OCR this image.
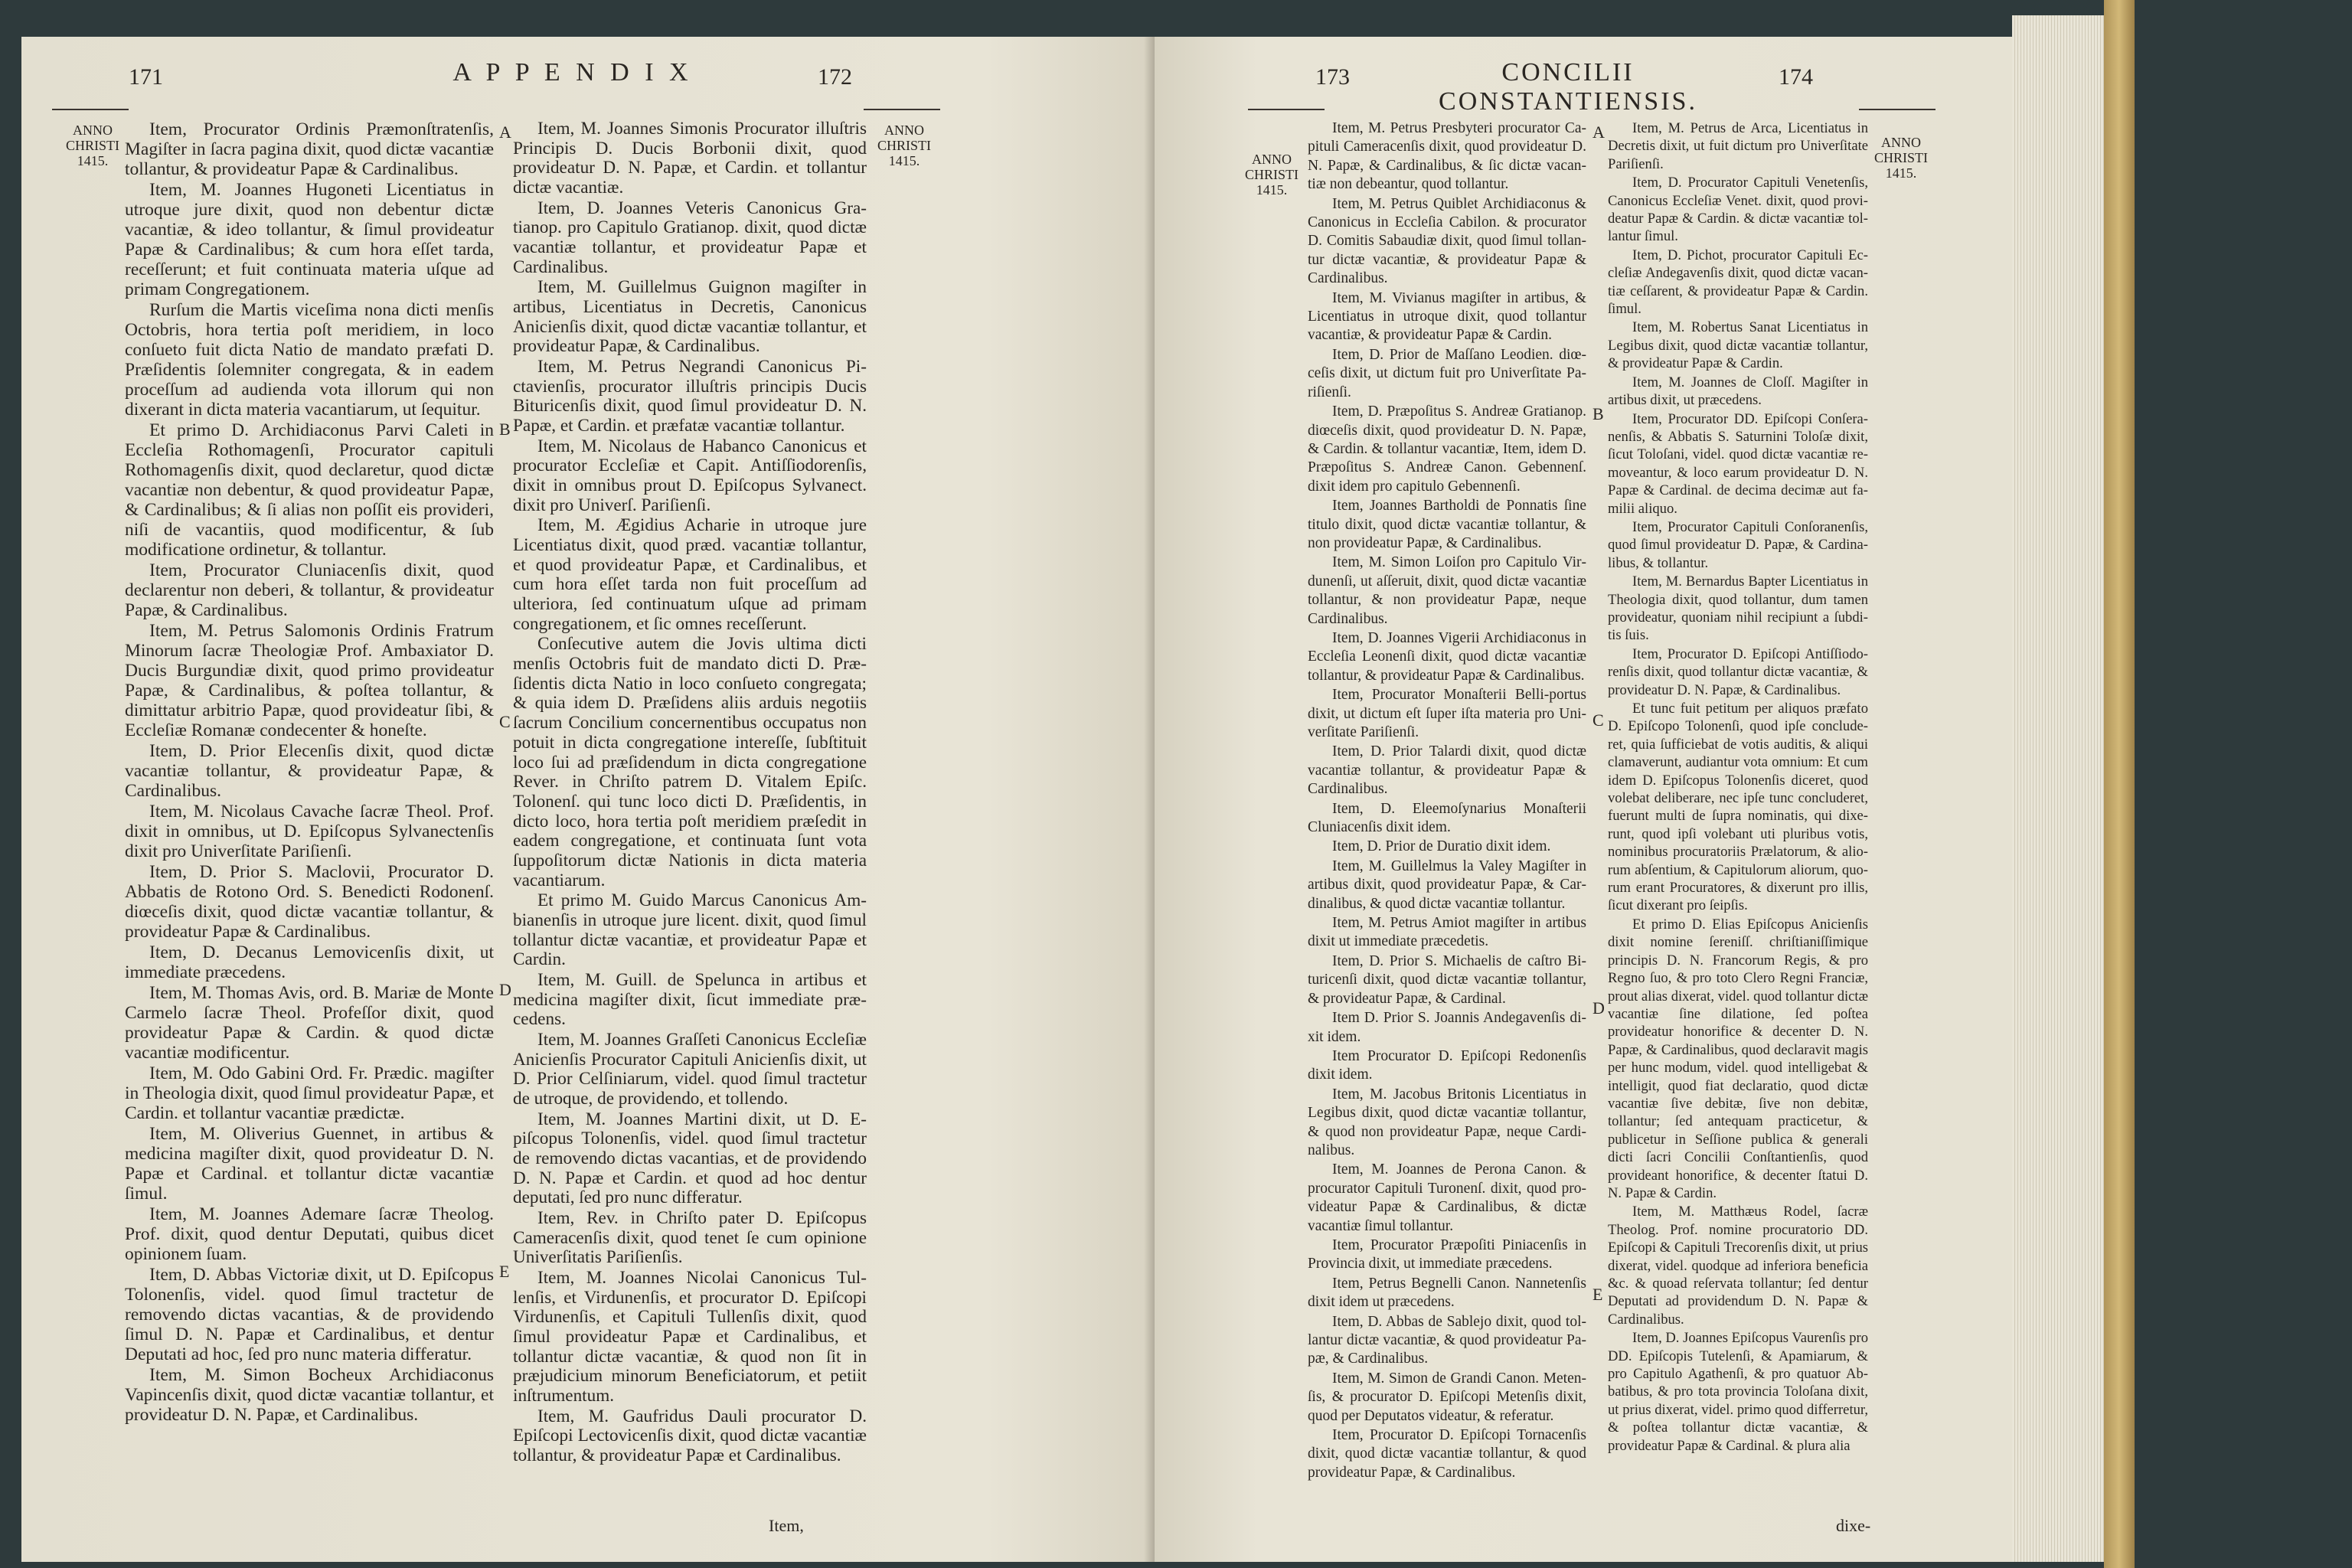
171	A P P E N D I X	172
ANNO
CHRISTI
1415.
ANNO
CHRISTI
1415.

Item, Procurator Ordinis Præmonſtratenſis, Magiſter in ſacra pagina dixit, quod dictæ vacantiæ tollantur, & provideatur Papæ & Cardinalibus.

Item, M. Joannes Hugoneti Licentiatus in utroque jure dixit, quod non debentur dictæ vacantiæ, & ideo tollantur, & ſimul provideatur Papæ & Cardinalibus; & cum hora eſſet tarda, receſſerunt; et fuit continuata materia uſque ad primam Congregationem.

Rurſum die Martis viceſima nona dicti menſis Octobris, hora tertia poſt meridiem, in loco conſueto fuit dicta Natio de mandato præfati D. Præſidentis ſolemniter congregata, & in eadem proceſſum ad audienda vota illorum qui non dixerant in dicta materia vacantiarum, ut ſequitur.

Et primo D. Archidiaconus Parvi Caleti in Eccleſia Rothomagenſi, Procurator capituli Rothomagenſis dixit, quod declaretur, quod dictæ vacantiæ non debentur, & quod provideatur Papæ, & Cardinalibus; & ſi alias non poſſit eis provideri, niſi de vacantiis, quod modificentur, & ſub modificatione ordinetur, & tollantur.

Item, Procurator Cluniacenſis dixit, quod declarentur non deberi, & tollantur, & provideatur Papæ, & Cardinalibus.

Item, M. Petrus Salomonis Ordinis Fratrum Minorum ſacræ Theologiæ Prof. Ambaxiator D. Ducis Burgundiæ dixit, quod primo provideatur Papæ, & Cardinalibus, & poſtea tollantur, & dimittatur arbitrio Papæ, quod provideatur ſibi, & Eccleſiæ Romanæ condecenter & honeſte.

Item, D. Prior Elecenſis dixit, quod dictæ vacantiæ tollantur, & provideatur Papæ, & Cardinalibus.

Item, M. Nicolaus Cavache ſacræ Theol. Prof. dixit in omnibus, ut D. Epiſcopus Sylvanectenſis dixit pro Univerſitate Pariſienſi.

Item, D. Prior S. Maclovii, Procurator D. Abbatis de Rotono Ord. S. Benedicti Rodonenſ. diœceſis dixit, quod dictæ vacantiæ tollantur, & provideatur Papæ & Cardinalibus.

Item, D. Decanus Lemovicenſis dixit, ut immediate præcedens.

Item, M. Thomas Avis, ord. B. Mariæ de Monte Carmelo ſacræ Theol. Profeſſor dixit, quod provideatur Papæ & Cardin. & quod dictæ vacantiæ modificentur.

Item, M. Odo Gabini Ord. Fr. Prædic. magiſter in Theologia dixit, quod ſimul provideatur Papæ, et Cardin. et tollantur vacantiæ prædictæ.

Item, M. Oliverius Guennet, in artibus & medicina magiſter dixit, quod provideatur D. N. Papæ et Cardinal. et tollantur dictæ vacantiæ ſimul.

Item, M. Joannes Ademare ſacræ Theolog. Prof. dixit, quod dentur Deputati, quibus dicet opinionem ſuam.

Item, D. Abbas Victoriæ dixit, ut D. Epiſcopus Tolonenſis, videl. quod ſimul tractetur de removendo dictas vacantias, & de providendo ſimul D. N. Papæ et Cardinalibus, et dentur Deputati ad hoc, ſed pro nunc materia differatur.

Item, M. Simon Bocheux Archidiaconus Vapincenſis dixit, quod dictæ vacantiæ tollantur, et provideatur D. N. Papæ, et Cardinalibus.

A
B
C
D
E

Item, M. Joannes Simonis Procurator illuſtris Principis D. Ducis Borbonii dixit, quod provideatur D. N. Papæ, et Cardin. et tollantur dictæ vacantiæ.

Item, D. Joannes Veteris Canonicus Gratianop. pro Capitulo Gratianop. dixit, quod dictæ vacantiæ tollantur, et provideatur Papæ et Cardinalibus.

Item, M. Guillelmus Guignon magiſter in artibus, Licentiatus in Decretis, Canonicus Anicienſis dixit, quod dictæ vacantiæ tollantur, et provideatur Papæ, & Cardinalibus.

Item, M. Petrus Negrandi Canonicus Pictavienſis, procurator illuſtris principis Ducis Bituricenſis dixit, quod ſimul provideatur D. N. Papæ, et Cardin. et præfatæ vacantiæ tollantur.

Item, M. Nicolaus de Habanco Canonicus et procurator Eccleſiæ et Capit. Antiſſiodorenſis, dixit in omnibus prout D. Epiſcopus Sylvanect. dixit pro Univerſ. Pariſienſi.

Item, M. Ægidius Acharie in utroque jure Licentiatus dixit, quod præd. vacantiæ tollantur, et quod provideatur Papæ, et Cardinalibus, et cum hora eſſet tarda non fuit proceſſum ad ulteriora, ſed continuatum uſque ad primam congregationem, et ſic omnes receſſerunt.

Conſecutive autem die Jovis ultima dicti menſis Octobris fuit de mandato dicti D. Præſidentis dicta Natio in loco conſueto congregata; & quia idem D. Præſidens aliis arduis negotiis ſacrum Concilium concernentibus occupatus non potuit in dicta congregatione intereſſe, ſubſtituit loco ſui ad præſidendum in dicta congregatione Rever. in Chriſto patrem D. Vitalem Epiſc. Tolonenſ. qui tunc loco dicti D. Præſidentis, in dicto loco, hora tertia poſt meridiem præſedit in eadem congregatione, et continuata ſunt vota ſuppoſitorum dictæ Nationis in dicta materia vacantiarum.

Et primo M. Guido Marcus Canonicus Ambianenſis in utroque jure licent. dixit, quod ſimul tollantur dictæ vacantiæ, et provideatur Papæ et Cardin.

Item, M. Guill. de Spelunca in artibus et medicina magiſter dixit, ſicut immediate præcedens.

Item, M. Joannes Graſſeti Canonicus Eccleſiæ Anicienſis Procurator Capituli Anicienſis dixit, ut D. Prior Celſiniarum, videl. quod ſimul tractetur de utroque, de providendo, et tollendo.

Item, M. Joannes Martini dixit, ut D. Epiſcopus Tolonenſis, videl. quod ſimul tractetur de removendo dictas vacantias, et de providendo D. N. Papæ et Cardin. et quod ad hoc dentur deputati, ſed pro nunc differatur.

Item, Rev. in Chriſto pater D. Epiſcopus Cameracenſis dixit, quod tenet ſe cum opinione Univerſitatis Pariſienſis.

Item, M. Joannes Nicolai Canonicus Tullenſis, et Virdunenſis, et procurator D. Epiſcopi Virdunenſis, et Capituli Tullenſis dixit, quod ſimul provideatur Papæ et Cardinalibus, et tollantur dictæ vacantiæ, & quod non ſit in præjudicium minorum Beneficiatorum, et petiit inſtrumentum.

Item, M. Gaufridus Dauli procurator D. Epiſcopi Lectovicenſis dixit, quod dictæ vacantiæ tollantur, & provideatur Papæ et Cardinalibus.

Item,
173	CONCILII CONSTANTIENSIS.
174
ANNO
CHRISTI
1415.
ANNO
CHRISTI
1415.

Item, M. Petrus Presbyteri procurator Capituli Cameracenſis dixit, quod provideatur D. N. Papæ, & Cardinalibus, & ſic dictæ vacantiæ non debeantur, quod tollantur.

Item, M. Petrus Quiblet Archidiaconus & Canonicus in Eccleſia Cabilon. & procurator D. Comitis Sabaudiæ dixit, quod ſimul tollantur dictæ vacantiæ, & provideatur Papæ & Cardinalibus.

Item, M. Vivianus magiſter in artibus, & Licentiatus in utroque dixit, quod tollantur vacantiæ, & provideatur Papæ & Cardin.

Item, D. Prior de Maſſano Leodien. diœceſis dixit, ut dictum fuit pro Univerſitate Pariſienſi.

Item, D. Præpoſitus S. Andreæ Gratianop. diœceſis dixit, quod provideatur D. N. Papæ, & Cardin. & tollantur vacantiæ, Item, idem D. Præpoſitus S. Andreæ Canon. Gebennenſ. dixit idem pro capitulo Gebennenſi.

Item, Joannes Bartholdi de Ponnatis ſine titulo dixit, quod dictæ vacantiæ tollantur, & non provideatur Papæ, & Cardinalibus.

Item, M. Simon Loiſon pro Capitulo Virdunenſi, ut aſſeruit, dixit, quod dictæ vacantiæ tollantur, & non provideatur Papæ, neque Cardinalibus.

Item, D. Joannes Vigerii Archidiaconus in Eccleſia Leonenſi dixit, quod dictæ vacantiæ tollantur, & provideatur Papæ & Cardinalibus.

Item, Procurator Monaſterii Belli-portus dixit, ut dictum eſt ſuper iſta materia pro Univerſitate Pariſienſi.

Item, D. Prior Talardi dixit, quod dictæ vacantiæ tollantur, & provideatur Papæ & Cardinalibus.

Item, D. Eleemoſynarius Monaſterii Cluniacenſis dixit idem.

Item, D. Prior de Duratio dixit idem.

Item, M. Guillelmus la Valey Magiſter in artibus dixit, quod provideatur Papæ, & Cardinalibus, & quod dictæ vacantiæ tollantur.

Item, M. Petrus Amiot magiſter in artibus dixit ut immediate præcedetis.

Item, D. Prior S. Michaelis de caſtro Bituricenſi dixit, quod dictæ vacantiæ tollantur, & provideatur Papæ, & Cardinal.

Item D. Prior S. Joannis Andegavenſis dixit idem.

Item Procurator D. Epiſcopi Redonenſis dixit idem.

Item, M. Jacobus Britonis Licentiatus in Legibus dixit, quod dictæ vacantiæ tollantur, & quod non provideatur Papæ, neque Cardinalibus.

Item, M. Joannes de Perona Canon. & procurator Capituli Turonenſ. dixit, quod provideatur Papæ & Cardinalibus, & dictæ vacantiæ ſimul tollantur.

Item, Procurator Præpoſiti Piniacenſis in Provincia dixit, ut immediate præcedens.

Item, Petrus Begnelli Canon. Nannetenſis dixit idem ut præcedens.

Item, D. Abbas de Sablejo dixit, quod tollantur dictæ vacantiæ, & quod provideatur Papæ, & Cardinalibus.

Item, M. Simon de Grandi Canon. Metenſis, & procurator D. Epiſcopi Metenſis dixit, quod per Deputatos videatur, & referatur.

Item, Procurator D. Epiſcopi Tornacenſis dixit, quod dictæ vacantiæ tollantur, & quod provideatur Papæ, & Cardinalibus.

A
B
C
D
E

Item, M. Petrus de Arca, Licentiatus in Decretis dixit, ut fuit dictum pro Univerſitate Pariſienſi.

Item, D. Procurator Capituli Venetenſis, Canonicus Eccleſiæ Venet. dixit, quod provideatur Papæ & Cardin. & dictæ vacantiæ tollantur ſimul.

Item, D. Pichot, procurator Capituli Eccleſiæ Andegavenſis dixit, quod dictæ vacantiæ ceſſarent, & provideatur Papæ & Cardin. ſimul.

Item, M. Robertus Sanat Licentiatus in Legibus dixit, quod dictæ vacantiæ tollantur, & provideatur Papæ & Cardin.

Item, M. Joannes de Cloſſ. Magiſter in artibus dixit, ut præcedens.

Item, Procurator DD. Epiſcopi Conſeranenſis, & Abbatis S. Saturnini Toloſæ dixit, ſicut Toloſani, videl. quod dictæ vacantiæ removeantur, & loco earum provideatur D. N. Papæ & Cardinal. de decima decimæ aut familii aliquo.

Item, Procurator Capituli Conſoranenſis, quod ſimul provideatur D. Papæ, & Cardinalibus, & tollantur.

Item, M. Bernardus Bapter Licentiatus in Theologia dixit, quod tollantur, dum tamen provideatur, quoniam nihil recipiunt a ſubditis ſuis.

Item, Procurator D. Epiſcopi Antiſſiodorenſis dixit, quod tollantur dictæ vacantiæ, & provideatur D. N. Papæ, & Cardinalibus.

Et tunc fuit petitum per aliquos præfato D. Epiſcopo Tolonenſi, quod ipſe concluderet, quia ſufficiebat de votis auditis, & aliqui clamaverunt, audiantur vota omnium: Et cum idem D. Epiſcopus Tolonenſis diceret, quod volebat deliberare, nec ipſe tunc concluderet, fuerunt multi de ſupra nominatis, qui dixerunt, quod ipſi volebant uti pluribus votis, nominibus procuratoriis Prælatorum, & aliorum abſentium, & Capitulorum aliorum, quorum erant Procuratores, & dixerunt pro illis, ſicut dixerant pro ſeipſis.

Et primo D. Elias Epiſcopus Anicienſis dixit nomine ſereniſſ. chriſtianiſſimique principis D. N. Francorum Regis, & pro Regno ſuo, & pro toto Clero Regni Franciæ, prout alias dixerat, videl. quod tollantur dictæ vacantiæ ſine dilatione, ſed poſtea provideatur honorifice & decenter D. N. Papæ, & Cardinalibus, quod declaravit magis per hunc modum, videl. quod intelligebat & intelligit, quod fiat declaratio, quod dictæ vacantiæ ſive debitæ, ſive non debitæ, tollantur; ſed antequam practicetur, & publicetur in Seſſione publica & generali dicti ſacri Concilii Conſtantienſis, quod provideant honorifice, & decenter ſtatui D. N. Papæ & Cardin.

Item, M. Matthæus Rodel, ſacræ Theolog. Prof. nomine procuratorio DD. Epiſcopi & Capituli Trecorenſis dixit, ut prius dixerat, videl. quodque ad inferiora beneficia &c. & quoad reſervata tollantur; ſed dentur Deputati ad providendum D. N. Papæ & Cardinalibus.

Item, D. Joannes Epiſcopus Vaurenſis pro DD. Epiſcopis Tutelenſi, & Apamiarum, & pro Capitulo Agathenſi, & pro quatuor Abbatibus, & pro tota provincia Toloſana dixit, ut prius dixerat, videl. primo quod differretur, & poſtea tollantur dictæ vacantiæ, & provideatur Papæ & Cardinal. & plura alia

dixe-
